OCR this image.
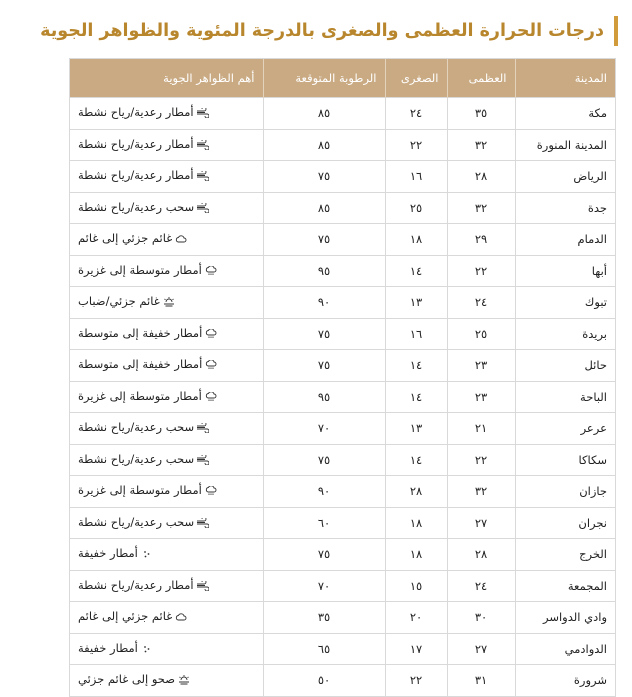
درجات الحرارة العظمى والصغرى بالدرجة المئوية والظواهر الجوية
المدينة	العظمى	الصغرى	الرطوبة المتوقعة	أهم الظواهر الجوية
مكة	٣٥	٢٤	٨٥	أمطار رعدية/رياح نشطة

المدينة المنورة	٣٢	٢٢	٨٥	أمطار رعدية/رياح نشطة

الرياض	٢٨	١٦	٧٥	أمطار رعدية/رياح نشطة

جدة	٣٢	٢٥	٨٥	سحب رعدية/رياح نشطة

الدمام	٢٩	١٨	٧٥	غائم جزئي إلى غائم

أبها	٢٢	١٤	٩٥	أمطار متوسطة إلى غزيرة

تبوك	٢٤	١٣	٩٠	غائم جزئي/ضباب

بريدة	٢٥	١٦	٧٥	أمطار خفيفة إلى متوسطة

حائل	٢٣	١٤	٧٥	أمطار خفيفة إلى متوسطة

الباحة	٢٣	١٤	٩٥	أمطار متوسطة إلى غزيرة

عرعر	٢١	١٣	٧٠	سحب رعدية/رياح نشطة

سكاكا	٢٢	١٤	٧٥	سحب رعدية/رياح نشطة

جازان	٣٢	٢٨	٩٠	أمطار متوسطة إلى غزيرة

نجران	٢٧	١٨	٦٠	سحب رعدية/رياح نشطة

الخرج	٢٨	١٨	٧٥	أمطار خفيفة

المجمعة	٢٤	١٥	٧٠	أمطار رعدية/رياح نشطة

وادي الدواسر	٣٠	٢٠	٣٥	غائم جزئي إلى غائم

الدوادمي	٢٧	١٧	٦٥	أمطار خفيفة

شرورة	٣١	٢٢	٥٠	صحو إلى غائم جزئي
